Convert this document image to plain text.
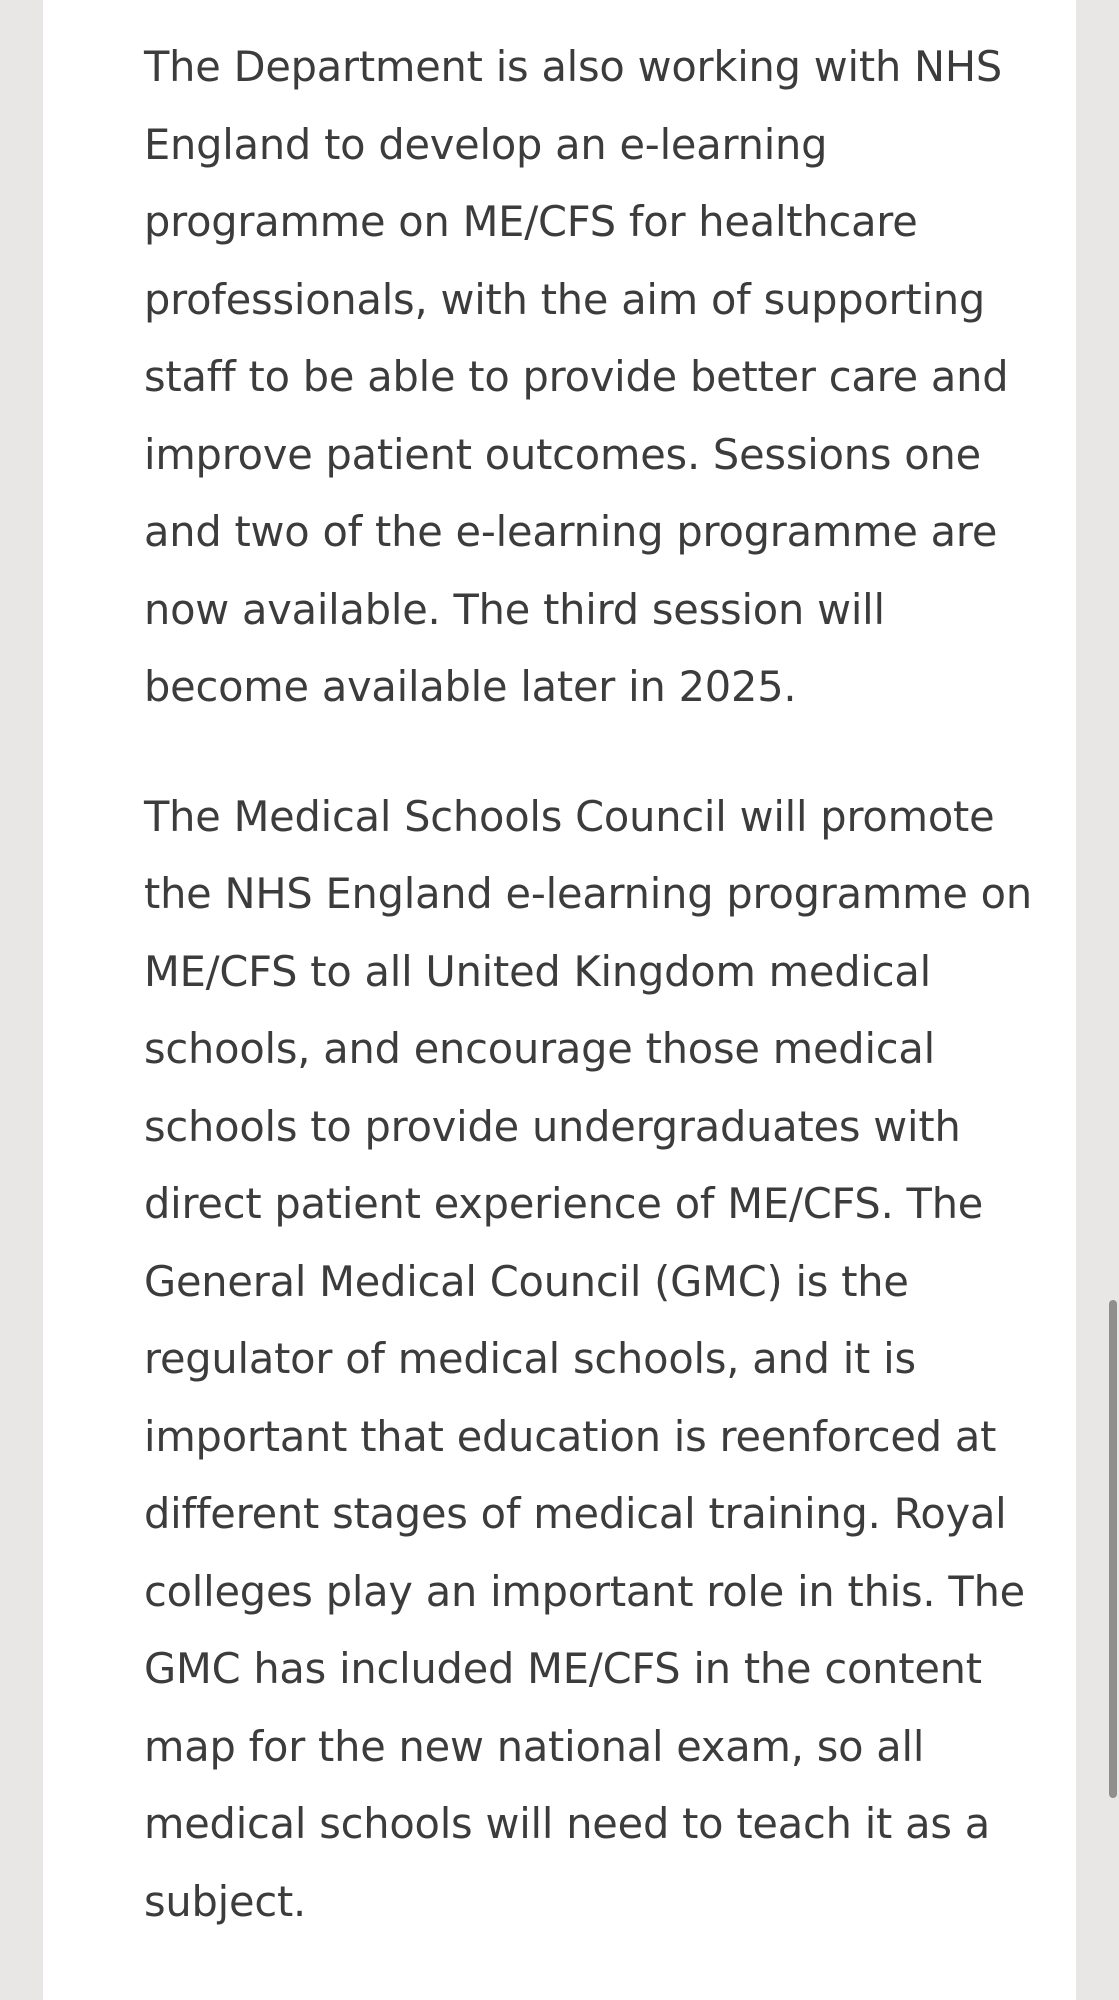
The Department is also working with NHS England to develop an e-learning programme on ME/CFS for healthcare professionals, with the aim of supporting staff to be able to provide better care and improve patient outcomes. Sessions one and two of the e-learning programme are now available. The third session will become available later in 2025.

The Medical Schools Council will promote the NHS England e-learning programme on ME/CFS to all United Kingdom medical schools, and encourage those medical schools to provide undergraduates with direct patient experience of ME/CFS. The General Medical Council (GMC) is the regulator of medical schools, and it is important that education is reenforced at different stages of medical training. Royal colleges play an important role in this. The GMC has included ME/CFS in the content map for the new national exam, so all medical schools will need to teach it as a subject.
